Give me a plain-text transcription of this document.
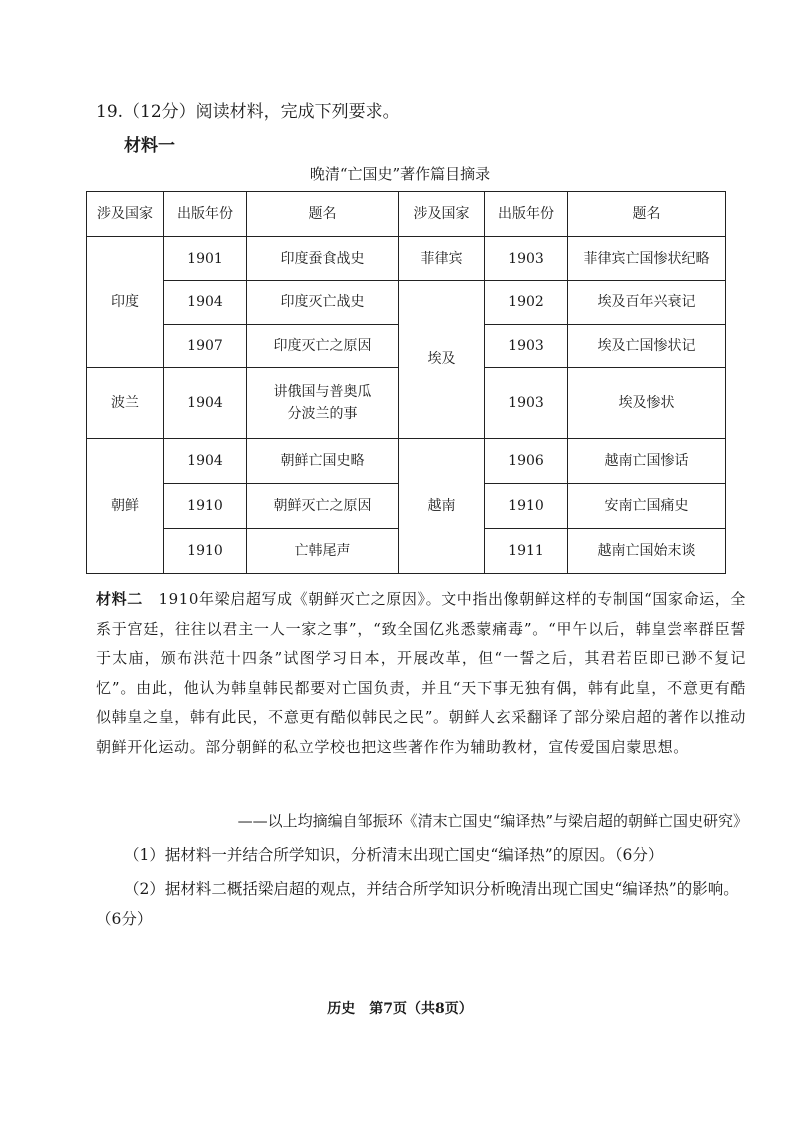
19.（12分）阅读材料，完成下列要求。
材料一
晚清“亡国史”著作篇目摘录
涉及国家	出版年份	题名	涉及国家	出版年份	题名
印度	1901	印度蚕食战史	菲律宾	1903	菲律宾亡国惨状纪略
	1904	印度灭亡战史	埃及	1902	埃及百年兴衰记
	1907	印度灭亡之原因		1903	埃及亡国惨状记
波兰	1904	讲俄国与普奥瓜分波兰的事		1903	埃及惨状
朝鲜	1904	朝鲜亡国史略	越南	1906	越南亡国惨话
	1910	朝鲜灭亡之原因		1910	安南亡国痛史
	1910	亡韩尾声		1911	越南亡国始末谈

材料二　 1910年梁启超写成《朝鲜灭亡之原因》。文中指出像朝鲜这样的专制国“国家命运，全系于宫廷，往往以君主一人一家之事”，“致全国亿兆悉蒙痛毒”。“甲午以后，韩皇尝率群臣誓于太庙，颁布洪范十四条”试图学习日本，开展改革，但“一誓之后，其君若臣即已渺不复记忆”。由此，他认为韩皇韩民都要对亡国负责，并且“天下事无独有偶，韩有此皇，不意更有酷似韩皇之皇，韩有此民，不意更有酷似韩民之民”。朝鲜人玄采翻译了部分梁启超的著作以推动朝鲜开化运动。部分朝鲜的私立学校也把这些著作作为辅助教材，宣传爱国启蒙思想。

——以上均摘编自邹振环《清末亡国史“编译热”与梁启超的朝鲜亡国史研究》
（1）据材料一并结合所学知识，分析清末出现亡国史“编译热”的原因。（6分）
（2）据材料二概括梁启超的观点，并结合所学知识分析晚清出现亡国史“编译热”的影响。（6分）
历史　第7页（共8页）
